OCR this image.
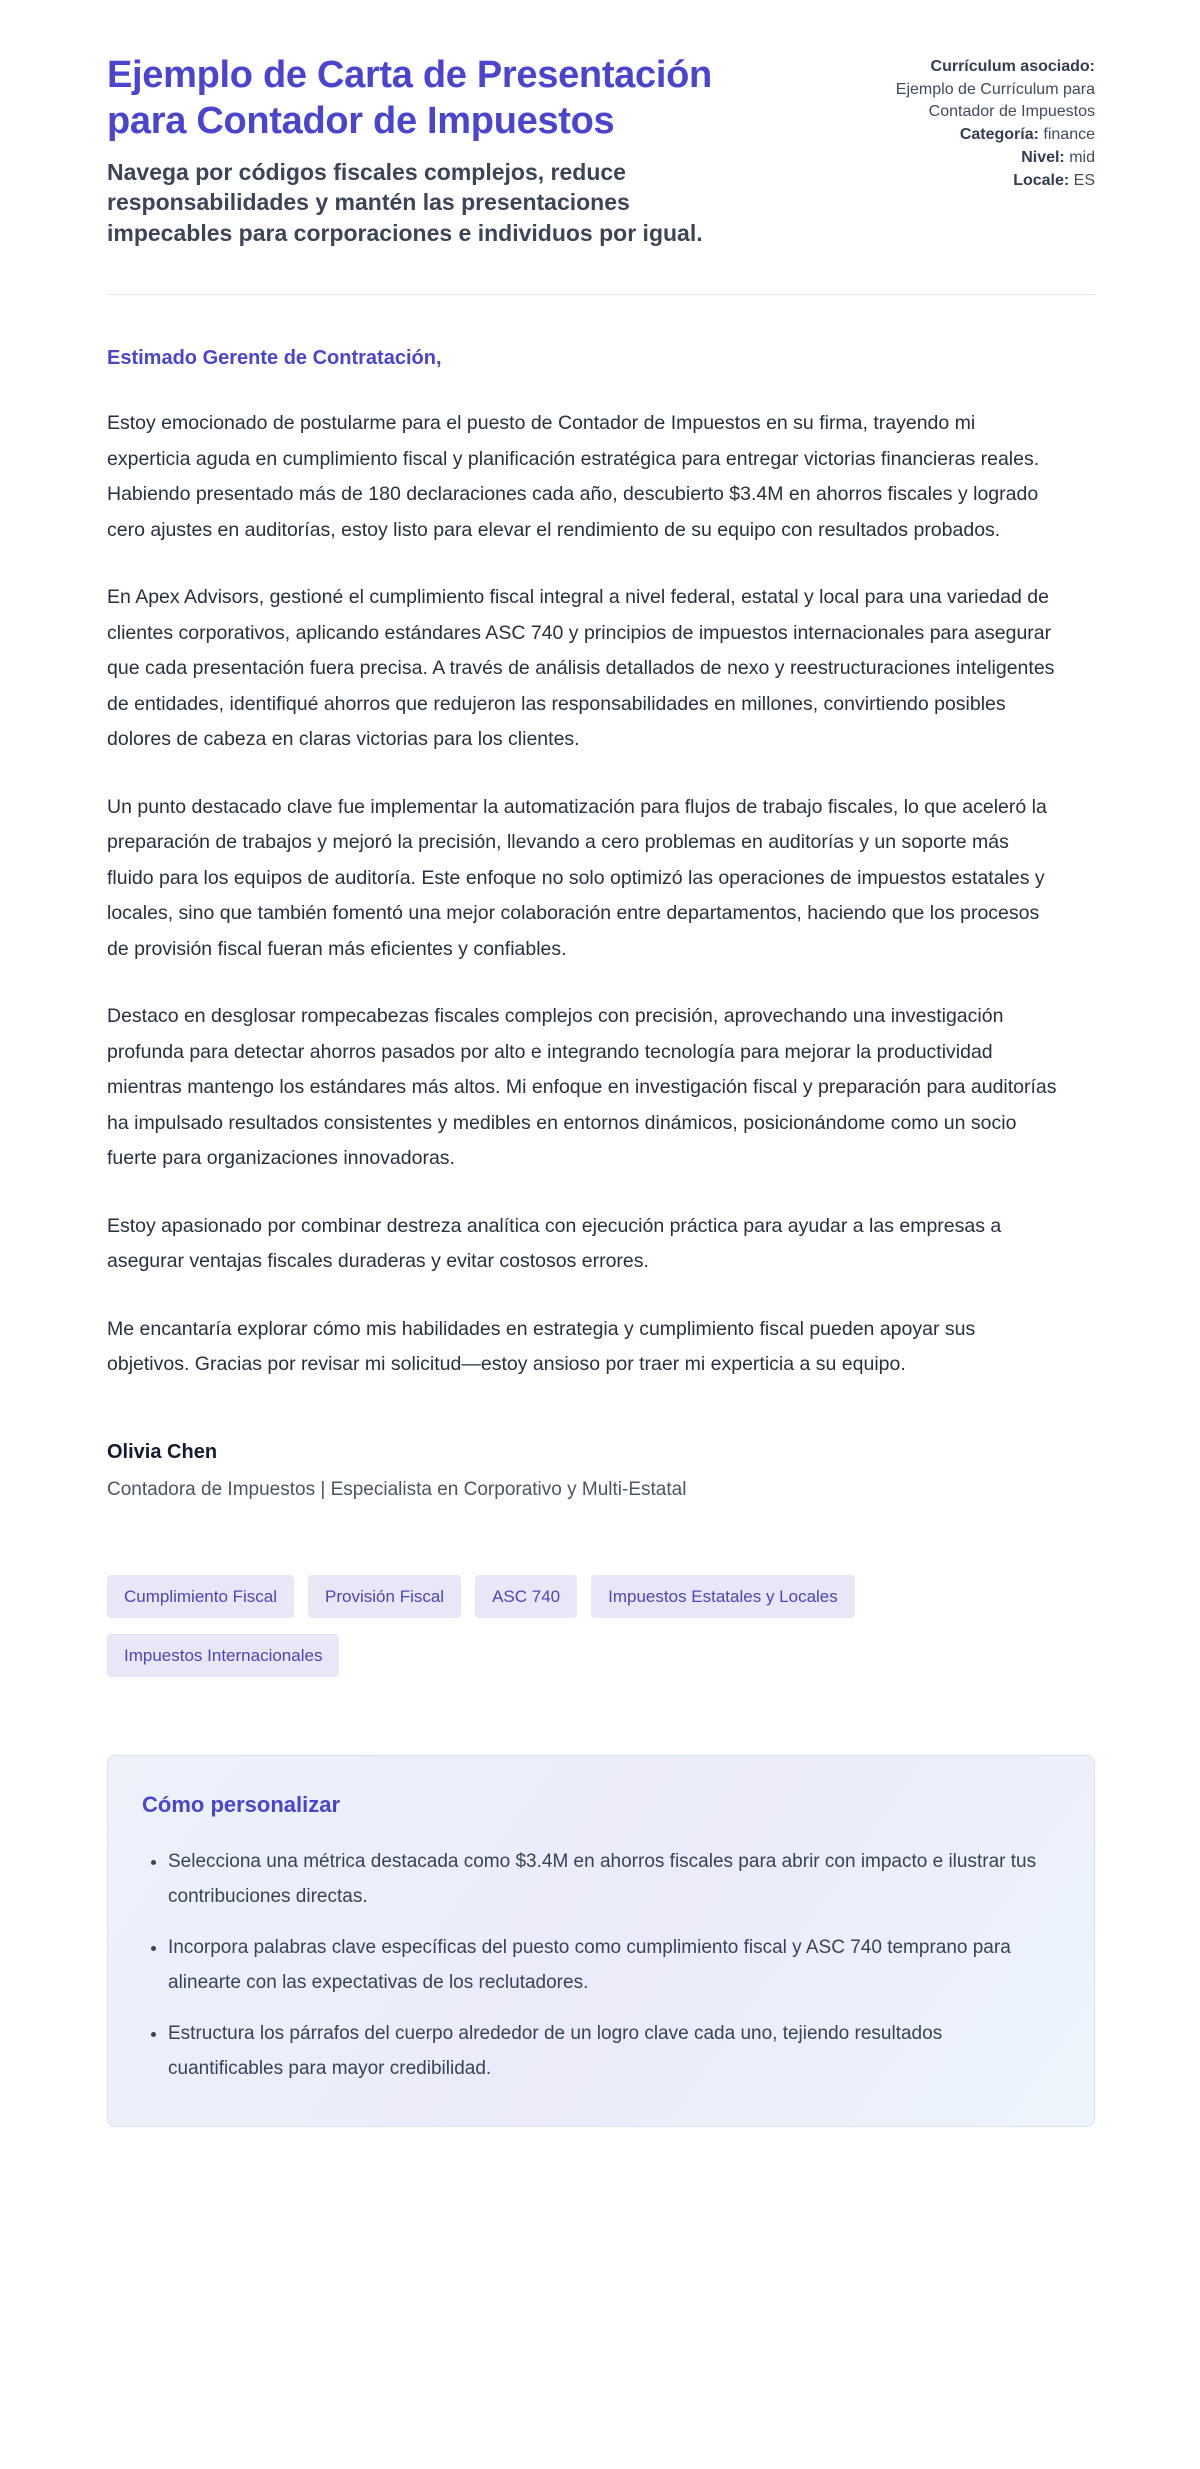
Ejemplo de Carta de Presentación para Contador de Impuestos
Navega por códigos fiscales complejos, reduce responsabilidades y mantén las presentaciones impecables para corporaciones e individuos por igual.
Currículum asociado:
Ejemplo de Currículum para Contador de Impuestos
Categoría: finance
Nivel: mid
Locale: ES

Estimado Gerente de Contratación,

Estoy emocionado de postularme para el puesto de Contador de Impuestos en su firma, trayendo mi experticia aguda en cumplimiento fiscal y planificación estratégica para entregar victorias financieras reales. Habiendo presentado más de 180 declaraciones cada año, descubierto $3.4M en ahorros fiscales y logrado cero ajustes en auditorías, estoy listo para elevar el rendimiento de su equipo con resultados probados.

En Apex Advisors, gestioné el cumplimiento fiscal integral a nivel federal, estatal y local para una variedad de clientes corporativos, aplicando estándares ASC 740 y principios de impuestos internacionales para asegurar que cada presentación fuera precisa. A través de análisis detallados de nexo y reestructuraciones inteligentes de entidades, identifiqué ahorros que redujeron las responsabilidades en millones, convirtiendo posibles dolores de cabeza en claras victorias para los clientes.

Un punto destacado clave fue implementar la automatización para flujos de trabajo fiscales, lo que aceleró la preparación de trabajos y mejoró la precisión, llevando a cero problemas en auditorías y un soporte más fluido para los equipos de auditoría. Este enfoque no solo optimizó las operaciones de impuestos estatales y locales, sino que también fomentó una mejor colaboración entre departamentos, haciendo que los procesos de provisión fiscal fueran más eficientes y confiables.

Destaco en desglosar rompecabezas fiscales complejos con precisión, aprovechando una investigación profunda para detectar ahorros pasados por alto e integrando tecnología para mejorar la productividad mientras mantengo los estándares más altos. Mi enfoque en investigación fiscal y preparación para auditorías ha impulsado resultados consistentes y medibles en entornos dinámicos, posicionándome como un socio fuerte para organizaciones innovadoras.

Estoy apasionado por combinar destreza analítica con ejecución práctica para ayudar a las empresas a asegurar ventajas fiscales duraderas y evitar costosos errores.

Me encantaría explorar cómo mis habilidades en estrategia y cumplimiento fiscal pueden apoyar sus objetivos. Gracias por revisar mi solicitud—estoy ansioso por traer mi experticia a su equipo.

Olivia Chen

Contadora de Impuestos | Especialista en Corporativo y Multi-Estatal

Cumplimiento Fiscal	Provisión Fiscal	ASC 740	Impuestos Estatales y Locales
Impuestos Internacionales
Cómo personalizar
• Selecciona una métrica destacada como $3.4M en ahorros fiscales para abrir con impacto e ilustrar tus contribuciones directas.
• Incorpora palabras clave específicas del puesto como cumplimiento fiscal y ASC 740 temprano para alinearte con las expectativas de los reclutadores.
• Estructura los párrafos del cuerpo alrededor de un logro clave cada uno, tejiendo resultados cuantificables para mayor credibilidad.
